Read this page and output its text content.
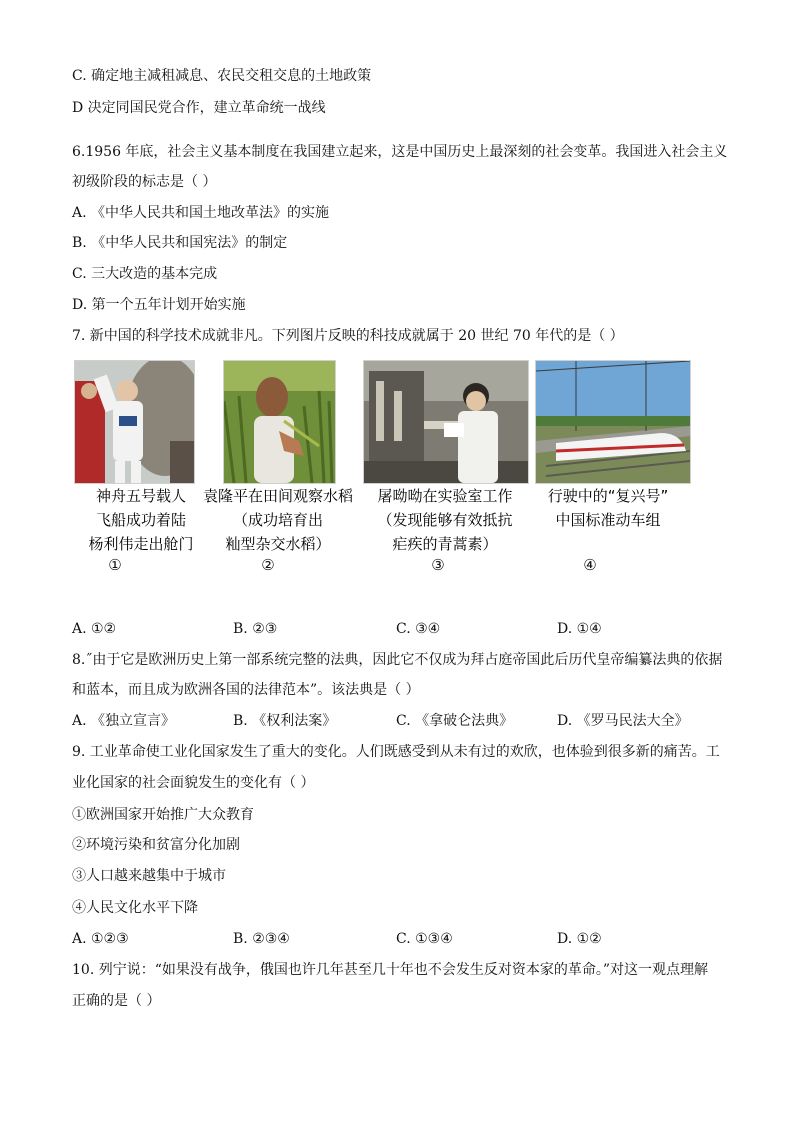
C. 确定地主减租减息、农民交租交息的土地政策
D 决定同国民党合作，建立革命统一战线
6.1956 年底，社会主义基本制度在我国建立起来，这是中国历史上最深刻的社会变革。我国进入社会主义
初级阶段的标志是（ ）
A. 《中华人民共和国土地改革法》的实施
B. 《中华人民共和国宪法》的制定
C. 三大改造的基本完成
D. 第一个五年计划开始实施
7. 新中国的科学技术成就非凡。下列图片反映的科技成就属于 20 世纪 70 年代的是（ ）
神舟五号载人
飞船成功着陆
杨利伟走出舱门
袁隆平在田间观察水稻
（成功培育出
籼型杂交水稻）
屠呦呦在实验室工作
（发现能够有效抵抗
疟疾的青蒿素）
行驶中的“复兴号”
中国标准动车组
①	②	③	④
A. ①②	B. ②③	C. ③④	D. ①④
8.˝由于它是欧洲历史上第一部系统完整的法典，因此它不仅成为拜占庭帝国此后历代皇帝编纂法典的依据
和蓝本，而且成为欧洲各国的法律范本”。该法典是（ ）
A. 《独立宣言》	B. 《权利法案》	C. 《拿破仑法典》	D. 《罗马民法大全》
9. 工业革命使工业化国家发生了重大的变化。人们既感受到从未有过的欢欣，也体验到很多新的痛苦。工
业化国家的社会面貌发生的变化有（ ）
①欧洲国家开始推广大众教育
②环境污染和贫富分化加剧
③人口越来越集中于城市
④人民文化水平下降
A. ①②③	B. ②③④	C. ①③④	D. ①②
10. 列宁说：“如果没有战争，俄国也许几年甚至几十年也不会发生反对资本家的革命。”对这一观点理解
正确的是（ ）
